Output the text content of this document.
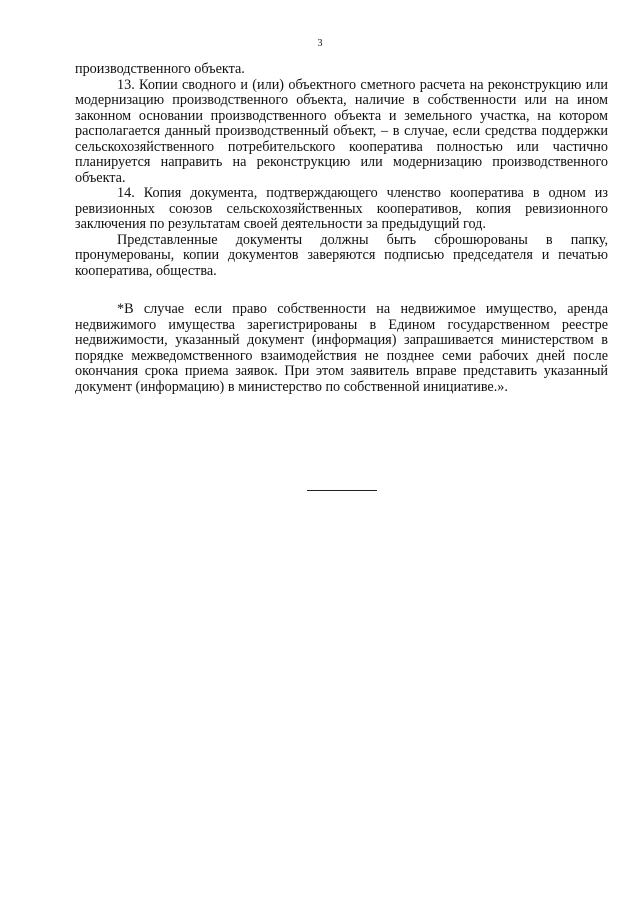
3

производственного объекта.

13. Копии сводного и (или) объектного сметного расчета на реконструкцию или модернизацию производственного объекта, наличие в собственности или на ином законном основании производственного объекта и земельного участка, на котором располагается данный производственный объект, – в случае, если средства поддержки сельскохозяйственного потребительского кооператива полностью или частично планируется направить на реконструкцию или модернизацию производственного объекта.

14. Копия документа, подтверждающего членство кооператива в одном из ревизионных союзов сельскохозяйственных кооперативов, копия ревизионного заключения по результатам своей деятельности за предыдущий год.

Представленные документы должны быть сброшюрованы в папку, пронумерованы, копии документов заверяются подписью председателя и печатью кооператива, общества.

*В случае если право собственности на недвижимое имущество, аренда недвижимого имущества зарегистрированы в Едином государственном реестре недвижимости, указанный документ (информация) запрашивается министерством в порядке межведомственного взаимодействия не позднее семи рабочих дней после окончания срока приема заявок. При этом заявитель вправе представить указанный документ (информацию) в министерство по собственной инициативе.».
